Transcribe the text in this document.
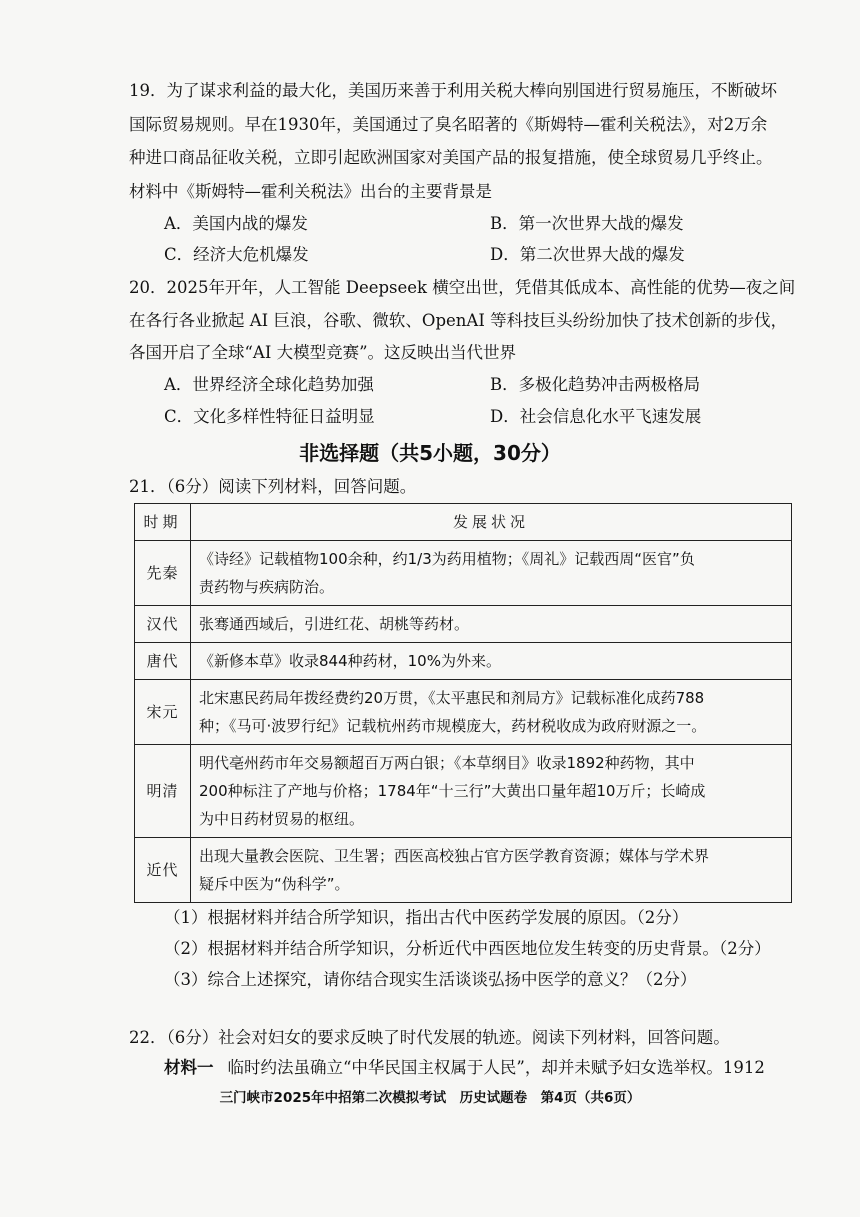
19．为了谋求利益的最大化，美国历来善于利用关税大棒向别国进行贸易施压，不断破坏
国际贸易规则。早在1930年，美国通过了臭名昭著的《斯姆特—霍利关税法》，对2万余
种进口商品征收关税，立即引起欧洲国家对美国产品的报复措施，使全球贸易几乎终止。
材料中《斯姆特—霍利关税法》出台的主要背景是
A．美国内战的爆发	B．第一次世界大战的爆发
C．经济大危机爆发	D．第二次世界大战的爆发
20．2025年开年，人工智能 Deepseek 横空出世，凭借其低成本、高性能的优势—夜之间
在各行各业掀起 AI 巨浪，谷歌、微软、OpenAI 等科技巨头纷纷加快了技术创新的步伐，
各国开启了全球“AI 大模型竞赛”。这反映出当代世界
A．世界经济全球化趋势加强	B．多极化趋势冲击两极格局
C．文化多样性特征日益明显	D．社会信息化水平飞速发展
非选择题（共5小题，30分）
21．（6分）阅读下列材料，回答问题。
时期	发展状况
先秦	《诗经》记载植物100余种，约1/3为药用植物；《周礼》记载西周“医官”负
责药物与疾病防治。

汉代	张骞通西域后，引进红花、胡桃等药材。

唐代	《新修本草》收录844种药材，10%为外来。

宋元	北宋惠民药局年拨经费约20万贯，《太平惠民和剂局方》记载标准化成药788
种；《马可·波罗行纪》记载杭州药市规模庞大，药材税收成为政府财源之一。

明清	明代亳州药市年交易额超百万两白银；《本草纲目》收录1892种药物，其中
200种标注了产地与价格；1784年“十三行”大黄出口量年超10万斤；长崎成
为中日药材贸易的枢纽。

近代	出现大量教会医院、卫生署；西医高校独占官方医学教育资源；媒体与学术界
疑斥中医为“伪科学”。
（1）根据材料并结合所学知识，指出古代中医药学发展的原因。（2分）
（2）根据材料并结合所学知识，分析近代中西医地位发生转变的历史背景。（2分）
（3）综合上述探究，请你结合现实生活谈谈弘扬中医学的意义？（2分）
22．（6分）社会对妇女的要求反映了时代发展的轨迹。阅读下列材料，回答问题。
材料一 临时约法虽确立“中华民国主权属于人民”，却并未赋予妇女选举权。1912
三门峡市2025年中招第二次模拟考试　历史试题卷　第4页（共6页）
